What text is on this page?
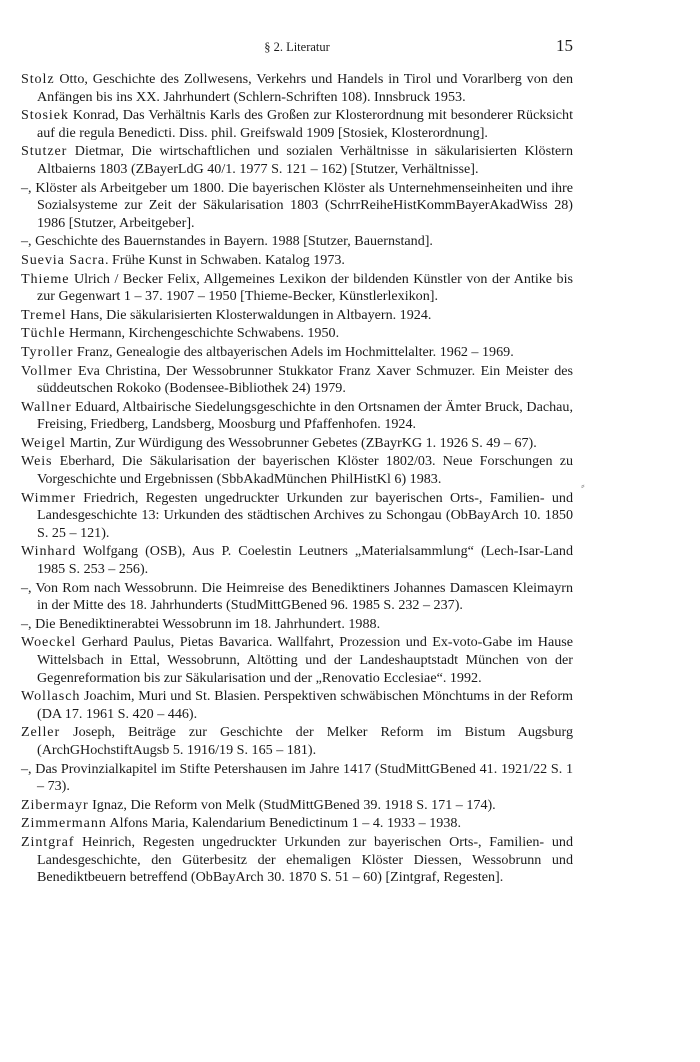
§ 2. Literatur	15

Stolz Otto, Geschichte des Zollwesens, Verkehrs und Handels in Tirol und Vorarlberg von den Anfängen bis ins XX. Jahrhundert (Schlern-Schriften 108). Innsbruck 1953.

Stosiek Konrad, Das Verhältnis Karls des Großen zur Klosterordnung mit besonderer Rücksicht auf die regula Benedicti. Diss. phil. Greifswald 1909 [Stosiek, Klosterordnung].

Stutzer Dietmar, Die wirtschaftlichen und sozialen Verhältnisse in säkularisierten Klöstern Altbaierns 1803 (ZBayerLdG 40/1. 1977 S. 121 – 162) [Stutzer, Verhältnisse].

–, Klöster als Arbeitgeber um 1800. Die bayerischen Klöster als Unternehmenseinheiten und ihre Sozialsysteme zur Zeit der Säkularisation 1803 (SchrrReiheHistKommBayerAkadWiss 28) 1986 [Stutzer, Arbeitgeber].

–, Geschichte des Bauernstandes in Bayern. 1988 [Stutzer, Bauernstand].

Suevia Sacra. Frühe Kunst in Schwaben. Katalog 1973.

Thieme Ulrich / Becker Felix, Allgemeines Lexikon der bildenden Künstler von der Antike bis zur Gegenwart 1 – 37. 1907 – 1950 [Thieme-Becker, Künstlerlexikon].

Tremel Hans, Die säkularisierten Klosterwaldungen in Altbayern. 1924.

Tüchle Hermann, Kirchengeschichte Schwabens. 1950.

Tyroller Franz, Genealogie des altbayerischen Adels im Hochmittelalter. 1962 – 1969.

Vollmer Eva Christina, Der Wessobrunner Stukkator Franz Xaver Schmuzer. Ein Meister des süddeutschen Rokoko (Bodensee-Bibliothek 24) 1979.

Wallner Eduard, Altbairische Siedelungsgeschichte in den Ortsnamen der Ämter Bruck, Dachau, Freising, Friedberg, Landsberg, Moosburg und Pfaffenhofen. 1924.

Weigel Martin, Zur Würdigung des Wessobrunner Gebetes (ZBayrKG 1. 1926 S. 49 – 67).

Weis Eberhard, Die Säkularisation der bayerischen Klöster 1802/03. Neue Forschungen zu Vorgeschichte und Ergebnissen (SbbAkadMünchen PhilHistKl 6) 1983.

Wimmer Friedrich, Regesten ungedruckter Urkunden zur bayerischen Orts-, Familien- und Landesgeschichte 13: Urkunden des städtischen Archives zu Schongau (ObBayArch 10. 1850 S. 25 – 121).

Winhard Wolfgang (OSB), Aus P. Coelestin Leutners „Materialsammlung“ (Lech-Isar-Land 1985 S. 253 – 256).

–, Von Rom nach Wessobrunn. Die Heimreise des Benediktiners Johannes Damascen Kleimayrn in der Mitte des 18. Jahrhunderts (StudMittGBened 96. 1985 S. 232 – 237).

–, Die Benediktinerabtei Wessobrunn im 18. Jahrhundert. 1988.

Woeckel Gerhard Paulus, Pietas Bavarica. Wallfahrt, Prozession und Ex-voto-Gabe im Hause Wittelsbach in Ettal, Wessobrunn, Altötting und der Landeshauptstadt München von der Gegenreformation bis zur Säkularisation und der „Renovatio Ecclesiae“. 1992.

Wollasch Joachim, Muri und St. Blasien. Perspektiven schwäbischen Mönchtums in der Reform (DA 17. 1961 S. 420 – 446).

Zeller Joseph, Beiträge zur Geschichte der Melker Reform im Bistum Augsburg (ArchGHochstiftAugsb 5. 1916/19 S. 165 – 181).

–, Das Provinzialkapitel im Stifte Petershausen im Jahre 1417 (StudMittGBened 41. 1921/22 S. 1 – 73).

Zibermayr Ignaz, Die Reform von Melk (StudMittGBened 39. 1918 S. 171 – 174).

Zimmermann Alfons Maria, Kalendarium Benedictinum 1 – 4. 1933 – 1938.

Zintgraf Heinrich, Regesten ungedruckter Urkunden zur bayerischen Orts-, Familien- und Landesgeschichte, den Güterbesitz der ehemaligen Klöster Diessen, Wessobrunn und Benediktbeuern betreffend (ObBayArch 30. 1870 S. 51 – 60) [Zintgraf, Regesten].

⸗
